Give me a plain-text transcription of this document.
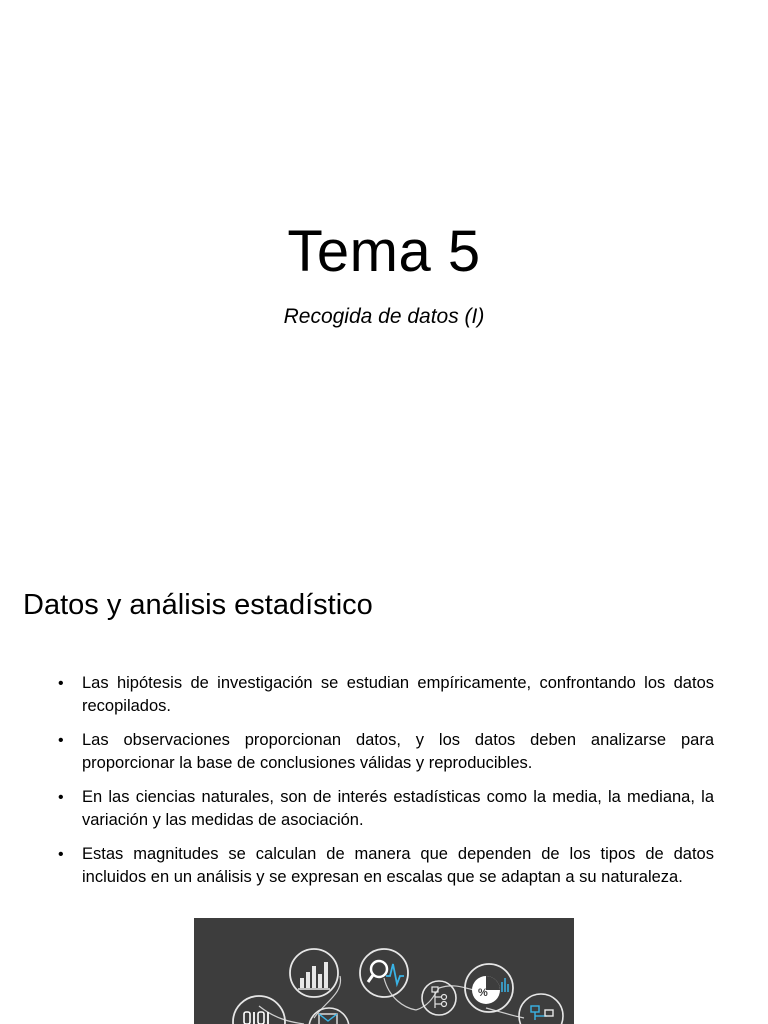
Tema 5

Recogida de datos (I)

Datos y análisis estadístico
• Las hipótesis de investigación se estudian empíricamente, confrontando los datos recopilados.
• Las observaciones proporcionan datos, y los datos deben analizarse para proporcionar la base de conclusiones válidas y reproducibles.
• En las ciencias naturales, son de interés estadísticas como la media, la mediana, la variación y las medidas de asociación.
• Estas magnitudes se calculan de manera que dependen de los tipos de datos incluidos en un análisis y se expresan en escalas que se adaptan a su naturaleza.
%
